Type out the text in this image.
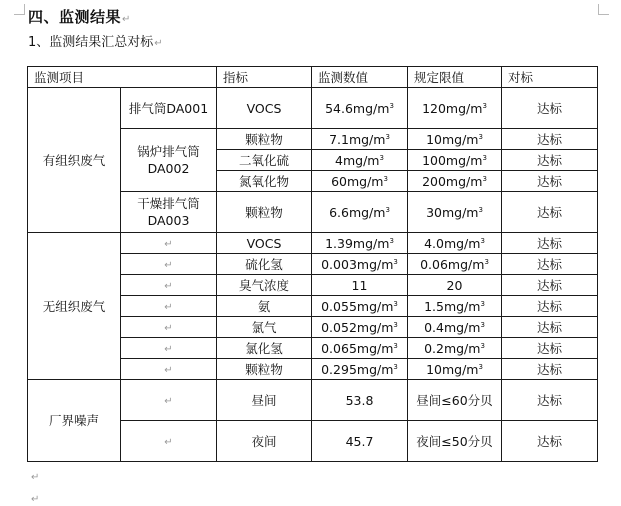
四、监测结果↵
1、监测结果汇总对标↵
监测项目		指标	监测数值	规定限值	对标
有组织废气	排气筒DA001	VOCS	$54.6mg/m^3$	$120mg/m^3$	达标
	锅炉排气筒DA002	颗粒物	$7.1mg/m^3$	$10mg/m^3$	达标
		二氧化硫	$4mg/m^3$	$100mg/m^3$	达标
		氮氧化物	$60mg/m^3$	$200mg/m^3$	达标
	干燥排气筒DA003	颗粒物	$6.6mg/m^3$	$30mg/m^3$	达标
无组织废气	↵	VOCS	$1.39mg/m^3$	$4.0mg/m^3$	达标
	↵	硫化氢	$0.003mg/m^3$	$0.06mg/m^3$	达标
	↵	臭气浓度	11	20	达标
	↵	氨	$0.055mg/m^3$	$1.5mg/m^3$	达标
	↵	氯气	$0.052mg/m^3$	$0.4mg/m^3$	达标
	↵	氯化氢	$0.065mg/m^3$	$0.2mg/m^3$	达标
	↵	颗粒物	$0.295mg/m^3$	$10mg/m^3$	达标
厂界噪声	↵	昼间	53.8	昼间≤60分贝	达标
	↵	夜间	45.7	夜间≤50分贝	达标
↵
↵
